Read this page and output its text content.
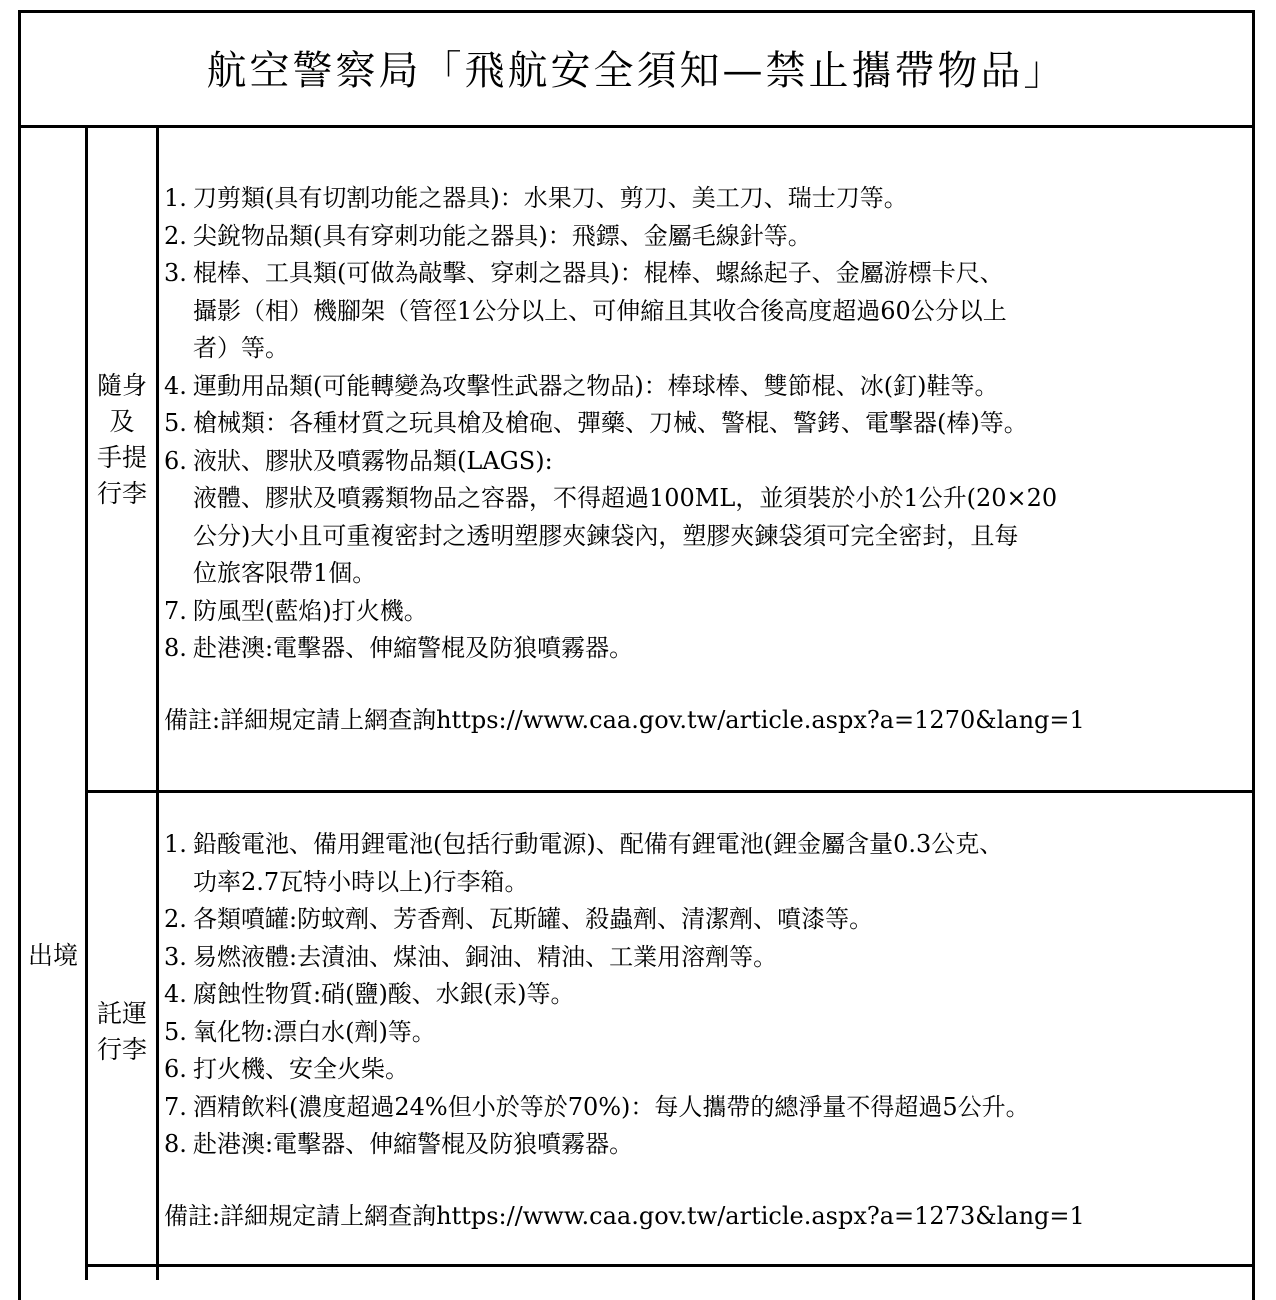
航空警察局「飛航安全須知—禁止攜帶物品」
出境
隨身
及
手提
行李
託運
行李
1. 刀剪類(具有切割功能之器具)：水果刀、剪刀、美工刀、瑞士刀等。
2. 尖銳物品類(具有穿刺功能之器具)：飛鏢、金屬毛線針等。
3. 棍棒、工具類(可做為敲擊、穿刺之器具)：棍棒、螺絲起子、金屬游標卡尺、
攝影（相）機腳架（管徑1公分以上、可伸縮且其收合後高度超過60公分以上
者）等。
4. 運動用品類(可能轉變為攻擊性武器之物品)：棒球棒、雙節棍、冰(釘)鞋等。
5. 槍械類：各種材質之玩具槍及槍砲、彈藥、刀械、警棍、警銬、電擊器(棒)等。
6. 液狀、膠狀及噴霧物品類(LAGS):
液體、膠狀及噴霧類物品之容器，不得超過100ML，並須裝於小於1公升(20×20
公分)大小且可重複密封之透明塑膠夾鍊袋內，塑膠夾鍊袋須可完全密封，且每
位旅客限帶1個。
7. 防風型(藍焰)打火機。
8. 赴港澳:電擊器、伸縮警棍及防狼噴霧器。
備註:詳細規定請上網查詢https://www.caa.gov.tw/article.aspx?a=1270&lang=1
1. 鉛酸電池、備用鋰電池(包括行動電源)、配備有鋰電池(鋰金屬含量0.3公克、
功率2.7瓦特小時以上)行李箱。
2. 各類噴罐:防蚊劑、芳香劑、瓦斯罐、殺蟲劑、清潔劑、噴漆等。
3. 易燃液體:去漬油、煤油、銅油、精油、工業用溶劑等。
4. 腐蝕性物質:硝(鹽)酸、水銀(汞)等。
5. 氧化物:漂白水(劑)等。
6. 打火機、安全火柴。
7. 酒精飲料(濃度超過24%但小於等於70%)：每人攜帶的總淨量不得超過5公升。
8. 赴港澳:電擊器、伸縮警棍及防狼噴霧器。
備註:詳細規定請上網查詢https://www.caa.gov.tw/article.aspx?a=1273&lang=1
